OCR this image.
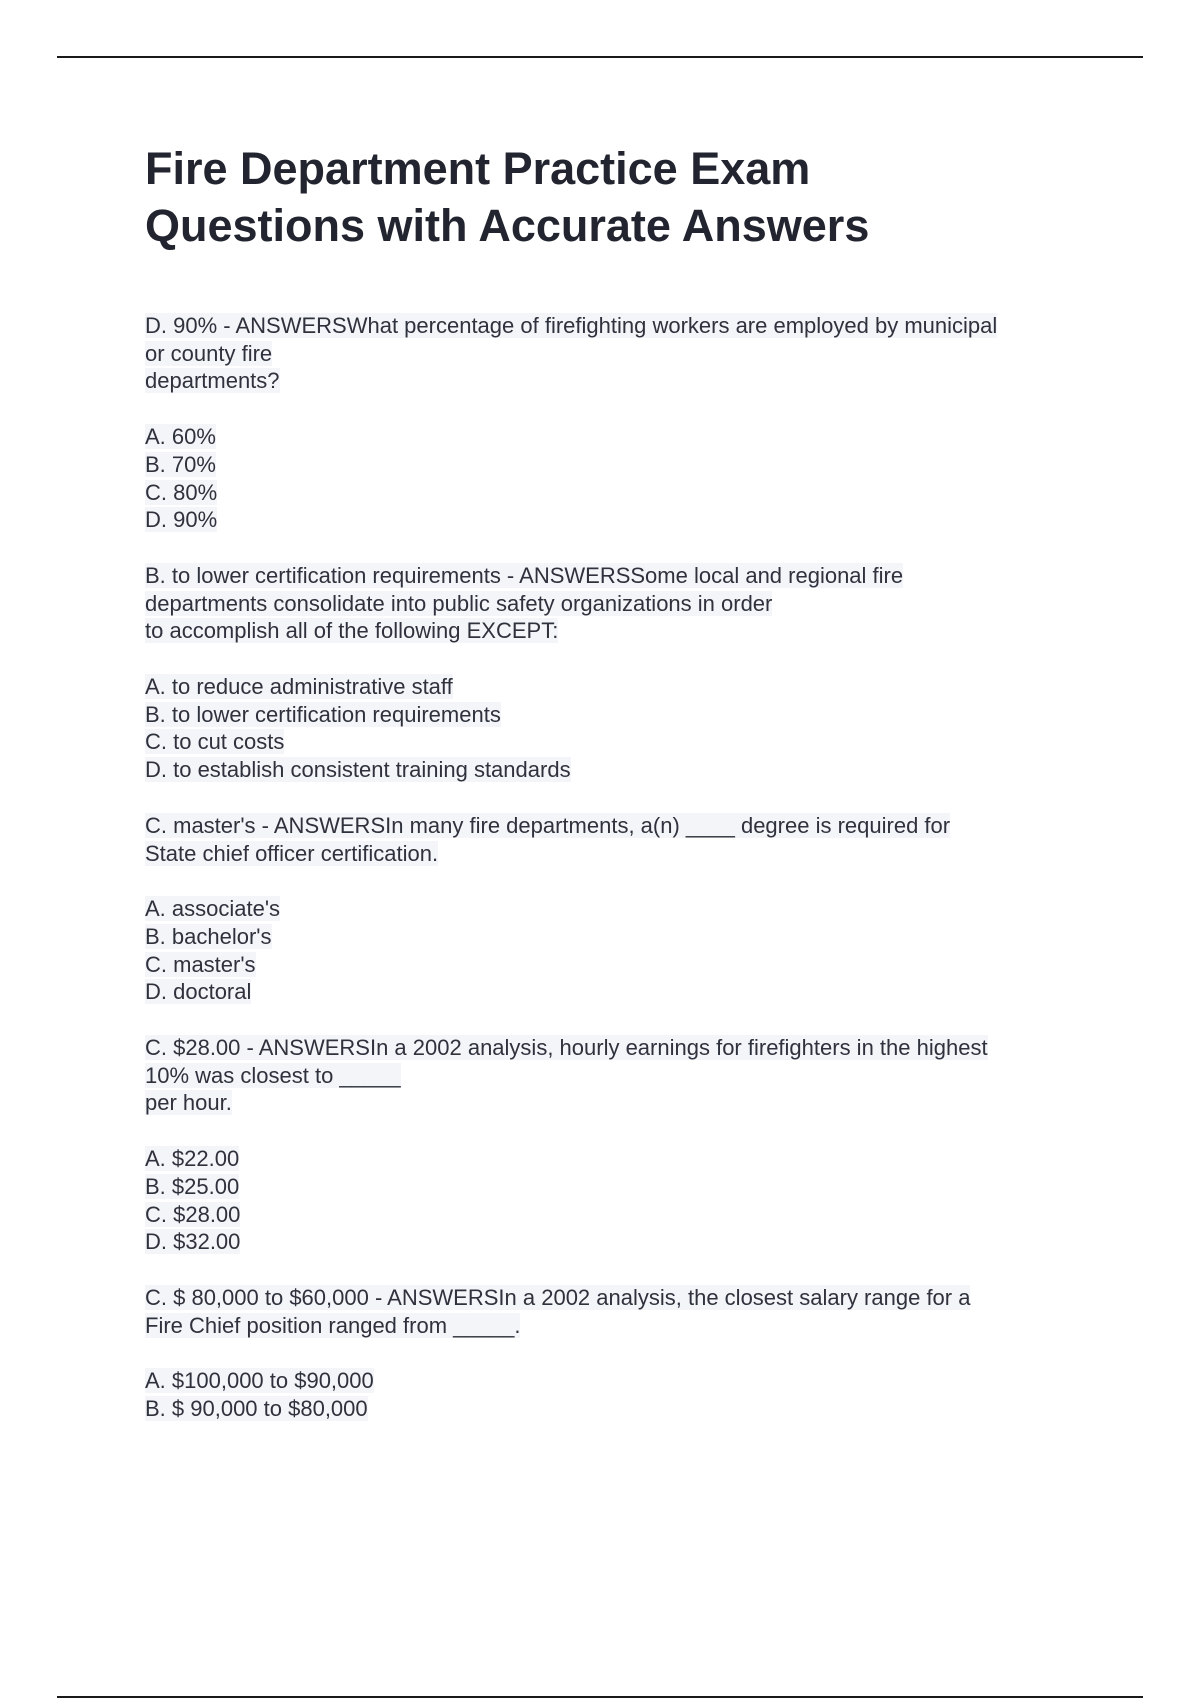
Fire Department Practice Exam
Questions with Accurate Answers
D. 90% - ANSWERSWhat percentage of firefighting workers are employed by municipal
or county fire
departments?
A. 60%
B. 70%
C. 80%
D. 90%
B. to lower certification requirements - ANSWERSSome local and regional fire
departments consolidate into public safety organizations in order
to accomplish all of the following EXCEPT:
A. to reduce administrative staff
B. to lower certification requirements
C. to cut costs
D. to establish consistent training standards
C. master's - ANSWERSIn many fire departments, a(n) ____ degree is required for
State chief officer certification.
A. associate's
B. bachelor's
C. master's
D. doctoral
C. $28.00 - ANSWERSIn a 2002 analysis, hourly earnings for firefighters in the highest
10% was closest to _____
per hour.
A. $22.00
B. $25.00
C. $28.00
D. $32.00
C. $ 80,000 to $60,000 - ANSWERSIn a 2002 analysis, the closest salary range for a
Fire Chief position ranged from _____.
A. $100,000 to $90,000
B. $ 90,000 to $80,000
